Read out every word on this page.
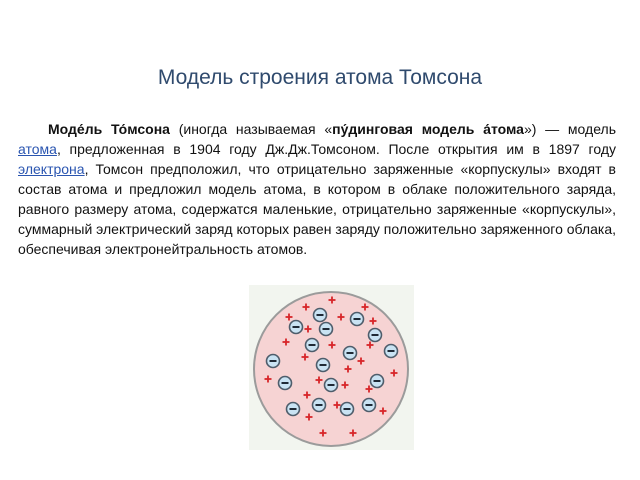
Модель строения атома Томсона

Моде́ль То́мсона (иногда называемая «пу́динговая модель а́тома») — модель атома, предложенная в 1904 году Дж.Дж.Томсоном. После открытия им в 1897 году электрона, Томсон предположил, что отрицательно заряженные «корпускулы» входят в состав атома и предложил модель атома, в котором в облаке положительного заряда, равного размеру атома, содержатся маленькие, отрицательно заряженные «корпускулы», суммарный электрический заряд которых равен заряду положительно заряженного облака, обеспечивая электронейтральность атомов.
